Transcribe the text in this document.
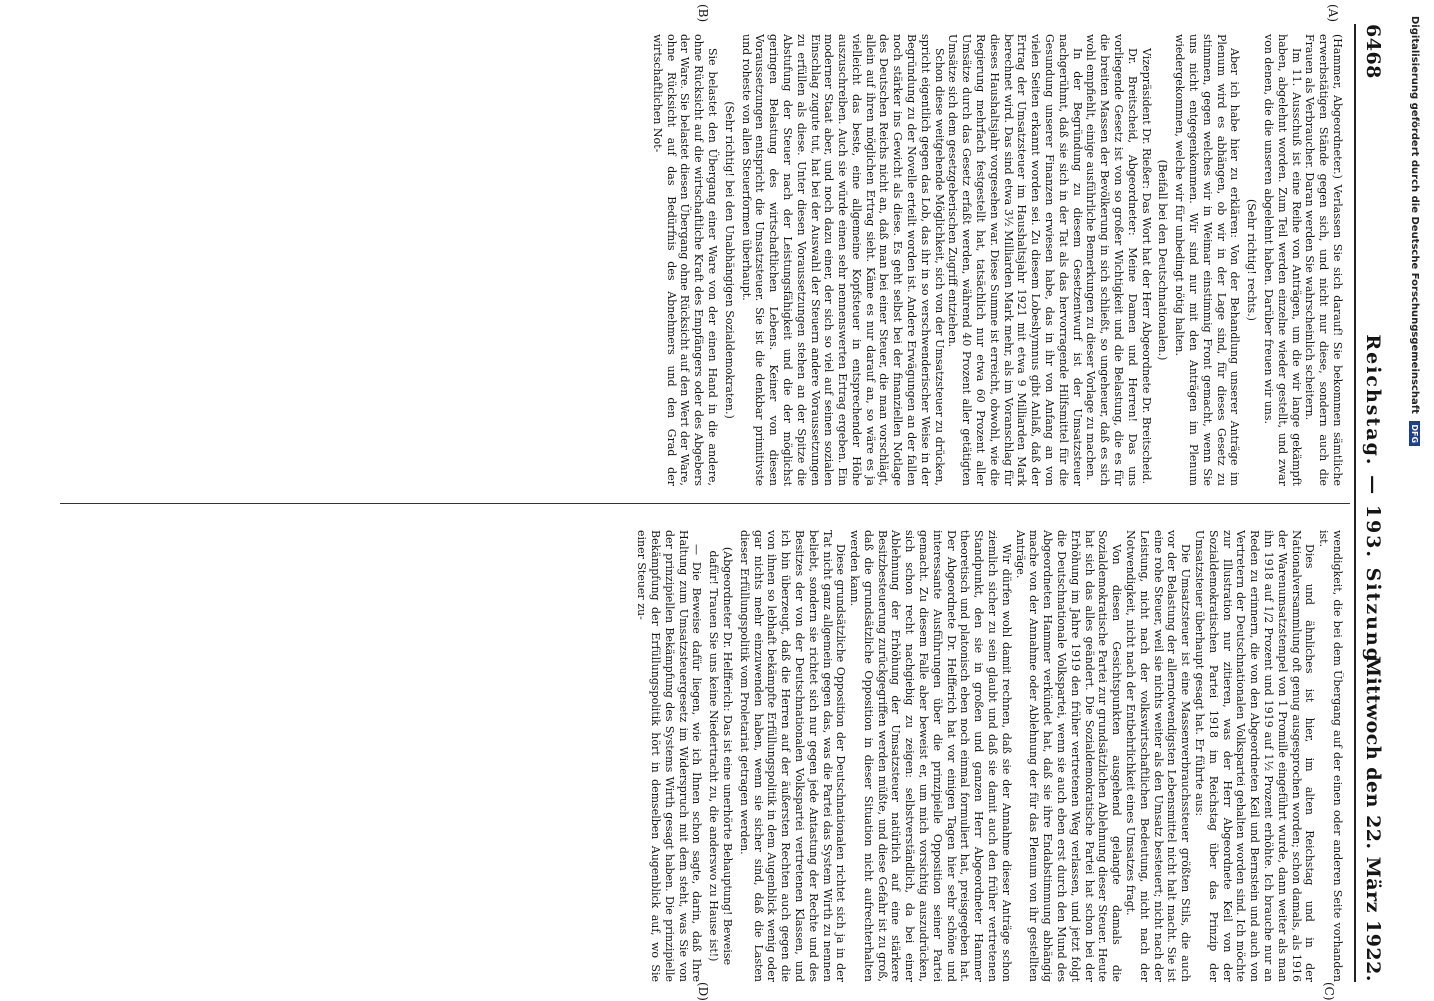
6468
Reichstag. — 193. Sitzung.
Mittwoch den 22. März 1922.
(A)
(B)
(C)
(D)

(Hammer, Abgeordneter.) Verlassen Sie sich darauf! Sie bekommen sämtliche erwerbstätigen Stände gegen sich, und nicht nur diese, sondern auch die Frauen als Verbraucher. Daran werden Sie wahrscheinlich scheitern.

Im 11. Ausschuß ist eine Reihe von Anträgen, um die wir lange gekämpft haben, abgelehnt worden. Zum Teil werden einzelne wieder gestellt, und zwar von denen, die die unseren abgelehnt haben. Darüber freuen wir uns.

(Sehr richtig! rechts.)

Aber ich habe hier zu erklären: Von der Behandlung unserer Anträge im Plenum wird es abhängen, ob wir in der Lage sind, für dieses Gesetz zu stimmen, gegen welches wir in Weimar einstimmig Front gemacht, wenn Sie uns nicht entgegenkommen. Wir sind nur mit den Anträgen im Plenum wiedergekommen, welche wir für unbedingt nötig halten.

(Beifall bei den Deutschnationalen.)

Vizepräsident Dr. Rießer: Das Wort hat der Herr Abgeordnete Dr. Breitscheid.

Dr. Breitscheid, Abgeordneter: Meine Damen und Herren! Das uns vorliegende Gesetz ist von so großer Wichtigkeit und die Belastung, die es für die breiten Massen der Bevölkerung in sich schließt, so ungeheuer, daß es sich wohl empfiehlt, einige ausführliche Bemerkungen zu dieser Vorlage zu machen.

In der Begründung zu diesem Gesetzentwurf ist der Umsatzsteuer nachgerühmt, daß sie sich in der Tat als das hervorragende Hilfsmittel für die Gesundung unserer Finanzen erwiesen habe, das in ihr von Anfang an von vielen Seiten erkannt worden sei. Zu diesem Lobeshymnus gibt Anlaß, daß der Ertrag der Umsatzsteuer im Haushaltsjahr 1921 mit etwa 9 Milliarden Mark berechnet wird. Das sind etwa 3½ Milliarden Mark mehr, als im Voranschlag für dieses Haushaltsjahr vorgesehen war. Diese Summe ist erreicht, obwohl, wie die Regierung mehrfach festgestellt hat, tatsächlich nur etwa 60 Prozent aller Umsätze durch das Gesetz erfaßt werden, während 40 Prozent aller getätigten Umsätze sich dem gesetzgeberischen Zugriff entziehen.

Schon diese weitgehende Möglichkeit, sich von der Umsatzsteuer zu drücken, spricht eigentlich gegen das Lob, das ihr in so verschwenderischer Weise in der Begründung zu der Novelle erteilt worden ist. Andere Erwägungen an der fallen noch stärker ins Gewicht als diese. Es geht selbst bei der finanziellen Notlage des Deutschen Reichs nicht an, daß man bei einer Steuer, die man vorschlägt, allein auf ihren möglichen Ertrag sieht. Käme es nur darauf an, so wäre es ja vielleicht das beste, eine allgemeine Kopfsteuer in entsprechender Höhe auszuschreiben. Auch sie würde einen sehr nennenswerten Ertrag ergeben. Ein moderner Staat aber, und noch dazu einer, der sich so viel auf seinen sozialen Einschlag zugute tut, hat bei der Auswahl der Steuern andere Voraussetzungen zu erfüllen als diese. Unter diesen Voraussetzungen stehen an der Spitze die Abstufung der Steuer nach der Leistungsfähigkeit und die der möglichst geringen Belastung des wirtschaftlichen Lebens. Keiner von diesen Voraussetzungen entspricht die Umsatzsteuer. Sie ist die denkbar primitivste und roheste von allen Steuerformen überhaupt.

(Sehr richtig! bei den Unabhängigen Sozialdemokraten.)

Sie belastet den Übergang einer Ware von der einen Hand in die andere, ohne Rücksicht auf die wirtschaftliche Kraft des Empfängers oder des Abgebers der Ware. Sie belastet diesen Übergang ohne Rücksicht auf den Wert der Ware, ohne Rücksicht auf das Bedürfnis des Abnehmers und den Grad der wirtschaftlichen Not-

wendigkeit, die bei dem Übergang auf der einen oder anderen Seite vorhanden ist.

Dies und ähnliches ist hier, im alten Reichstag und in der Nationalversammlung oft genug ausgesprochen worden; schon damals, als 1916 der Warenumsatzstempel von 1 Promille eingeführt wurde, dann weiter als man ihn 1918 auf 1/2 Prozent und 1919 auf 1½ Prozent erhöhte. Ich brauche nur an Reden zu erinnern, die von den Abgeordneten Keil und Bernstein und auch von Vertretern der Deutschnationalen Volkspartei gehalten worden sind. Ich möchte zur Illustration nur zitieren, was der Herr Abgeordnete Keil von der Sozialdemokratischen Partei 1918 im Reichstag über das Prinzip der Umsatzsteuer überhaupt gesagt hat. Er führte aus:

Die Umsatzsteuer ist eine Massenverbrauchssteuer größten Stils, die auch vor der Belastung der allernotwendigsten Lebensmittel nicht halt macht. Sie ist eine rohe Steuer, weil sie nichts weiter als den Umsatz besteuert; nicht nach der Leistung, nicht nach der volkswirtschaftlichen Bedeutung, nicht nach der Notwendigkeit, nicht nach der Entbehrlichkeit eines Umsatzes fragt.

Von diesen Gesichtspunkten ausgehend gelangte damals die Sozialdemokratische Partei zur grundsätzlichen Ablehnung dieser Steuer. Heute hat sich das alles geändert. Die Sozialdemokratische Partei hat schon bei der Erhöhung im Jahre 1919 den früher vertretenen Weg verlassen, und jetzt folgt die Deutschnationale Volkspartei, wenn sie auch eben erst durch den Mund des Abgeordneten Hammer verkündet hat, daß sie ihre Endabstimmung abhängig mache von der Annahme oder Ablehnung der für das Plenum von ihr gestellten Anträge.

Wir dürfen wohl damit rechnen, daß sie der Annahme dieser Anträge schon ziemlich sicher zu sein glaubt und daß sie damit auch den früher vertretenen Standpunkt, den sie in großen und ganzen Herr Abgeordneter Hammer theoretisch und platonisch eben noch einmal formuliert hat, preisgegeben hat. Der Abgeordnete Dr. Helfferich hat vor einigen Tagen hier sehr schöne und interessante Ausführungen über die prinzipielle Opposition seiner Partei gemacht. Zu diesem Falle aber beweist er, um mich vorsichtig auszudrücken, sich schon recht nachgiebig zu zeigen: selbstverständlich, da bei einer Ablehnung der Erhöhung der Umsatzsteuer natürlich auf eine stärkere Besitzbesteuerung zurückgegriffen werden müßte, und diese Gefahr ist zu groß, daß die grundsätzliche Opposition in dieser Situation nicht aufrechterhalten werden kann.

Diese grundsätzliche Opposition der Deutschnationalen richtet sich ja in der Tat nicht ganz allgemein gegen das, was die Partei das System Wirth zu nennen beliebt, sondern sie richtet sich nur gegen jede Antastung der Rechte und des Besitzes der von der Deutschnationalen Volkspartei vertretenen Klassen, und ich bin überzeugt, daß die Herren auf der äußersten Rechten auch gegen die von ihnen so lebhaft bekämpfte Erfüllungspolitik in dem Augenblick wenig oder gar nichts mehr einzuwenden haben, wenn sie sicher sind, daß die Lasten dieser Erfüllungspolitik vom Proletariat getragen werden.

(Abgeordneter Dr. Helfferich: Das ist eine unerhörte Behauptung! Beweise dafür! Trauen Sie uns keine Niedertracht zu, die anderswo zu Hause ist!)

— Die Beweise dafür liegen, wie ich Ihnen schon sagte, darin, daß Ihre Haltung zum Umsatzsteuergesetz im Widerspruch mit dem steht, was Sie von der prinzipiellen Bekämpfung des Systems Wirth gesagt haben. Die prinzipielle Bekämpfung der Erfüllungspolitik hört in demselben Augenblick auf, wo Sie einer Steuer zu-

Digitalisierung gefördert durch die Deutsche Forschungsgemeinschaft DFG
